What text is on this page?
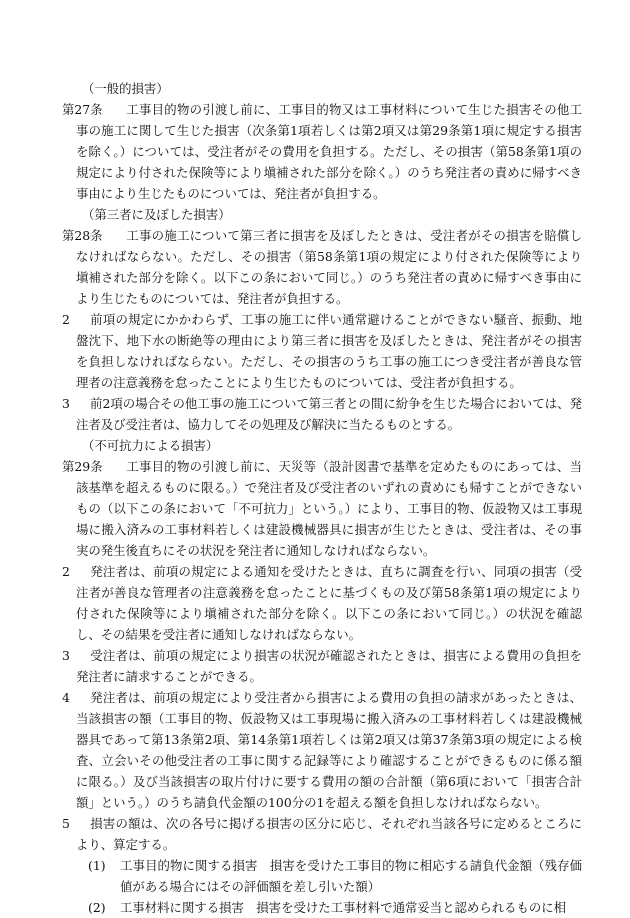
（一般的損害）
第27条 工事目的物の引渡し前に、工事目的物又は工事材料について生じた損害その他工事の施工に関して生じた損害（次条第1項若しくは第2項又は第29条第1項に規定する損害を除く。）については、受注者がその費用を負担する。ただし、その損害（第58条第1項の規定により付された保険等により塡補された部分を除く。）のうち発注者の責めに帰すべき事由により生じたものについては、発注者が負担する。
（第三者に及ぼした損害）
第28条 工事の施工について第三者に損害を及ぼしたときは、受注者がその損害を賠償しなければならない。ただし、その損害（第58条第1項の規定により付された保険等により塡補された部分を除く。以下この条において同じ。）のうち発注者の責めに帰すべき事由により生じたものについては、発注者が負担する。
2 前項の規定にかかわらず、工事の施工に伴い通常避けることができない騒音、振動、地盤沈下、地下水の断絶等の理由により第三者に損害を及ぼしたときは、発注者がその損害を負担しなければならない。ただし、その損害のうち工事の施工につき受注者が善良な管理者の注意義務を怠ったことにより生じたものについては、受注者が負担する。
3 前2項の場合その他工事の施工について第三者との間に紛争を生じた場合においては、発注者及び受注者は、協力してその処理及び解決に当たるものとする。
（不可抗力による損害）
第29条 工事目的物の引渡し前に、天災等（設計図書で基準を定めたものにあっては、当該基準を超えるものに限る。）で発注者及び受注者のいずれの責めにも帰すことができないもの（以下この条において「不可抗力」という。）により、工事目的物、仮設物又は工事現場に搬入済みの工事材料若しくは建設機械器具に損害が生じたときは、受注者は、その事実の発生後直ちにその状況を発注者に通知しなければならない。
2 発注者は、前項の規定による通知を受けたときは、直ちに調査を行い、同項の損害（受注者が善良な管理者の注意義務を怠ったことに基づくもの及び第58条第1項の規定により付された保険等により塡補された部分を除く。以下この条において同じ。）の状況を確認し、その結果を受注者に通知しなければならない。
3 受注者は、前項の規定により損害の状況が確認されたときは、損害による費用の負担を発注者に請求することができる。
4 発注者は、前項の規定により受注者から損害による費用の負担の請求があったときは、当該損害の額（工事目的物、仮設物又は工事現場に搬入済みの工事材料若しくは建設機械器具であって第13条第2項、第14条第1項若しくは第2項又は第37条第3項の規定による検査、立会いその他受注者の工事に関する記録等により確認することができるものに係る額に限る。）及び当該損害の取片付けに要する費用の額の合計額（第6項において「損害合計額」という。）のうち請負代金額の100分の1を超える額を負担しなければならない。
5 損害の額は、次の各号に掲げる損害の区分に応じ、それぞれ当該各号に定めるところにより、算定する。
(1) 工事目的物に関する損害　損害を受けた工事目的物に相応する請負代金額（残存価値がある場合にはその評価額を差し引いた額）
(2) 工事材料に関する損害　損害を受けた工事材料で通常妥当と認められるものに相
